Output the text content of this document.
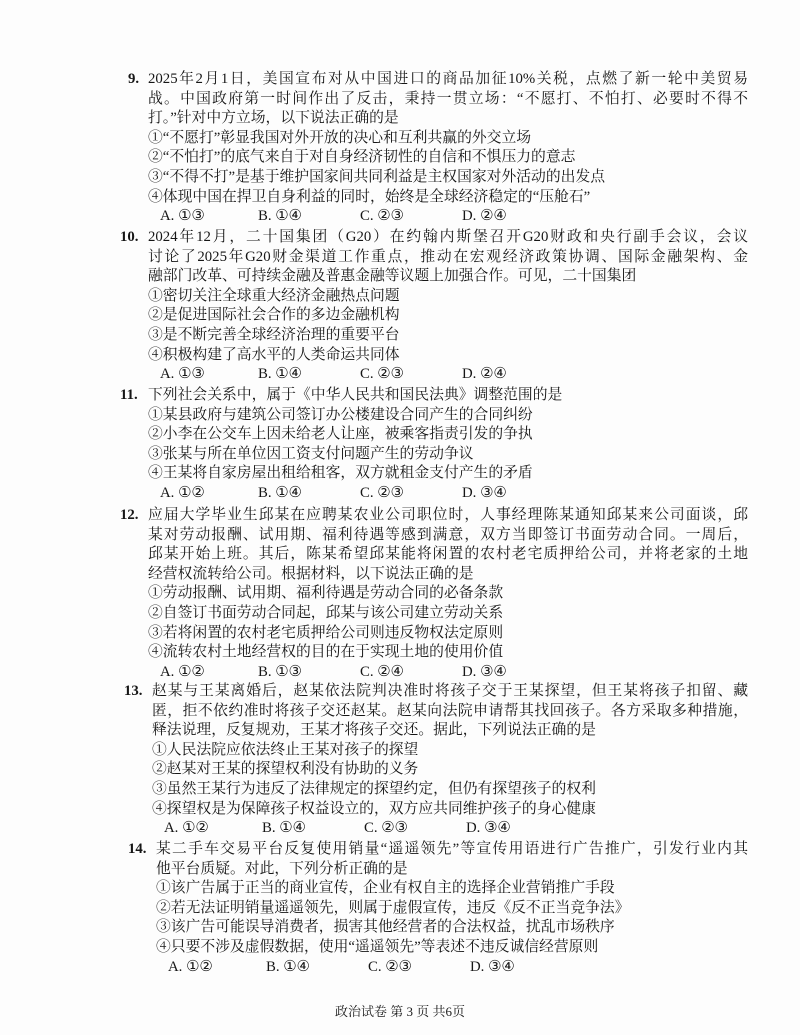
9. 2025年2月1日，美国宣布对从中国进口的商品加征10%关税，点燃了新一轮中美贸易
战。中国政府第一时间作出了反击，秉持一贯立场：“不愿打、不怕打、必要时不得不
打。”针对中方立场，以下说法正确的是
①“不愿打”彰显我国对外开放的决心和互利共赢的外交立场
②“不怕打”的底气来自于对自身经济韧性的自信和不惧压力的意志
③“不得不打”是基于维护国家间共同利益是主权国家对外活动的出发点
④体现中国在捍卫自身利益的同时，始终是全球经济稳定的“压舱石”
A. ①③	B. ①④	C. ②③	D. ②④
10. 2024年12月，二十国集团（G20）在约翰内斯堡召开G20财政和央行副手会议，会议
讨论了2025年G20财金渠道工作重点，推动在宏观经济政策协调、国际金融架构、金
融部门改革、可持续金融及普惠金融等议题上加强合作。可见，二十国集团
①密切关注全球重大经济金融热点问题
②是促进国际社会合作的多边金融机构
③是不断完善全球经济治理的重要平台
④积极构建了高水平的人类命运共同体
A. ①③	B. ①④	C. ②③	D. ②④
11. 下列社会关系中，属于《中华人民共和国民法典》调整范围的是
①某县政府与建筑公司签订办公楼建设合同产生的合同纠纷
②小李在公交车上因未给老人让座，被乘客指责引发的争执
③张某与所在单位因工资支付问题产生的劳动争议
④王某将自家房屋出租给租客，双方就租金支付产生的矛盾
A. ①②	B. ①④	C. ②③	D. ③④
12. 应届大学毕业生邱某在应聘某农业公司职位时，人事经理陈某通知邱某来公司面谈，邱
某对劳动报酬、试用期、福利待遇等感到满意，双方当即签订书面劳动合同。一周后，
邱某开始上班。其后，陈某希望邱某能将闲置的农村老宅质押给公司，并将老家的土地
经营权流转给公司。根据材料，以下说法正确的是
①劳动报酬、试用期、福利待遇是劳动合同的必备条款
②自签订书面劳动合同起，邱某与该公司建立劳动关系
③若将闲置的农村老宅质押给公司则违反物权法定原则
④流转农村土地经营权的目的在于实现土地的使用价值
A. ①②	B. ①③	C. ②④	D. ③④
13. 赵某与王某离婚后，赵某依法院判决准时将孩子交于王某探望，但王某将孩子扣留、藏
匿，拒不依约准时将孩子交还赵某。赵某向法院申请帮其找回孩子。各方采取多种措施，
释法说理，反复规劝，王某才将孩子交还。据此，下列说法正确的是
①人民法院应依法终止王某对孩子的探望
②赵某对王某的探望权利没有协助的义务
③虽然王某行为违反了法律规定的探望约定，但仍有探望孩子的权利
④探望权是为保障孩子权益设立的，双方应共同维护孩子的身心健康
A. ①②	B. ①④	C. ②③	D. ③④
14. 某二手车交易平台反复使用销量“遥遥领先”等宣传用语进行广告推广，引发行业内其
他平台质疑。对此，下列分析正确的是
①该广告属于正当的商业宣传，企业有权自主的选择企业营销推广手段
②若无法证明销量遥遥领先，则属于虚假宣传，违反《反不正当竞争法》
③该广告可能误导消费者，损害其他经营者的合法权益，扰乱市场秩序
④只要不涉及虚假数据，使用“遥遥领先”等表述不违反诚信经营原则
A. ①②	B. ①④	C. ②③	D. ③④
政治试卷 第 3 页 共6页
